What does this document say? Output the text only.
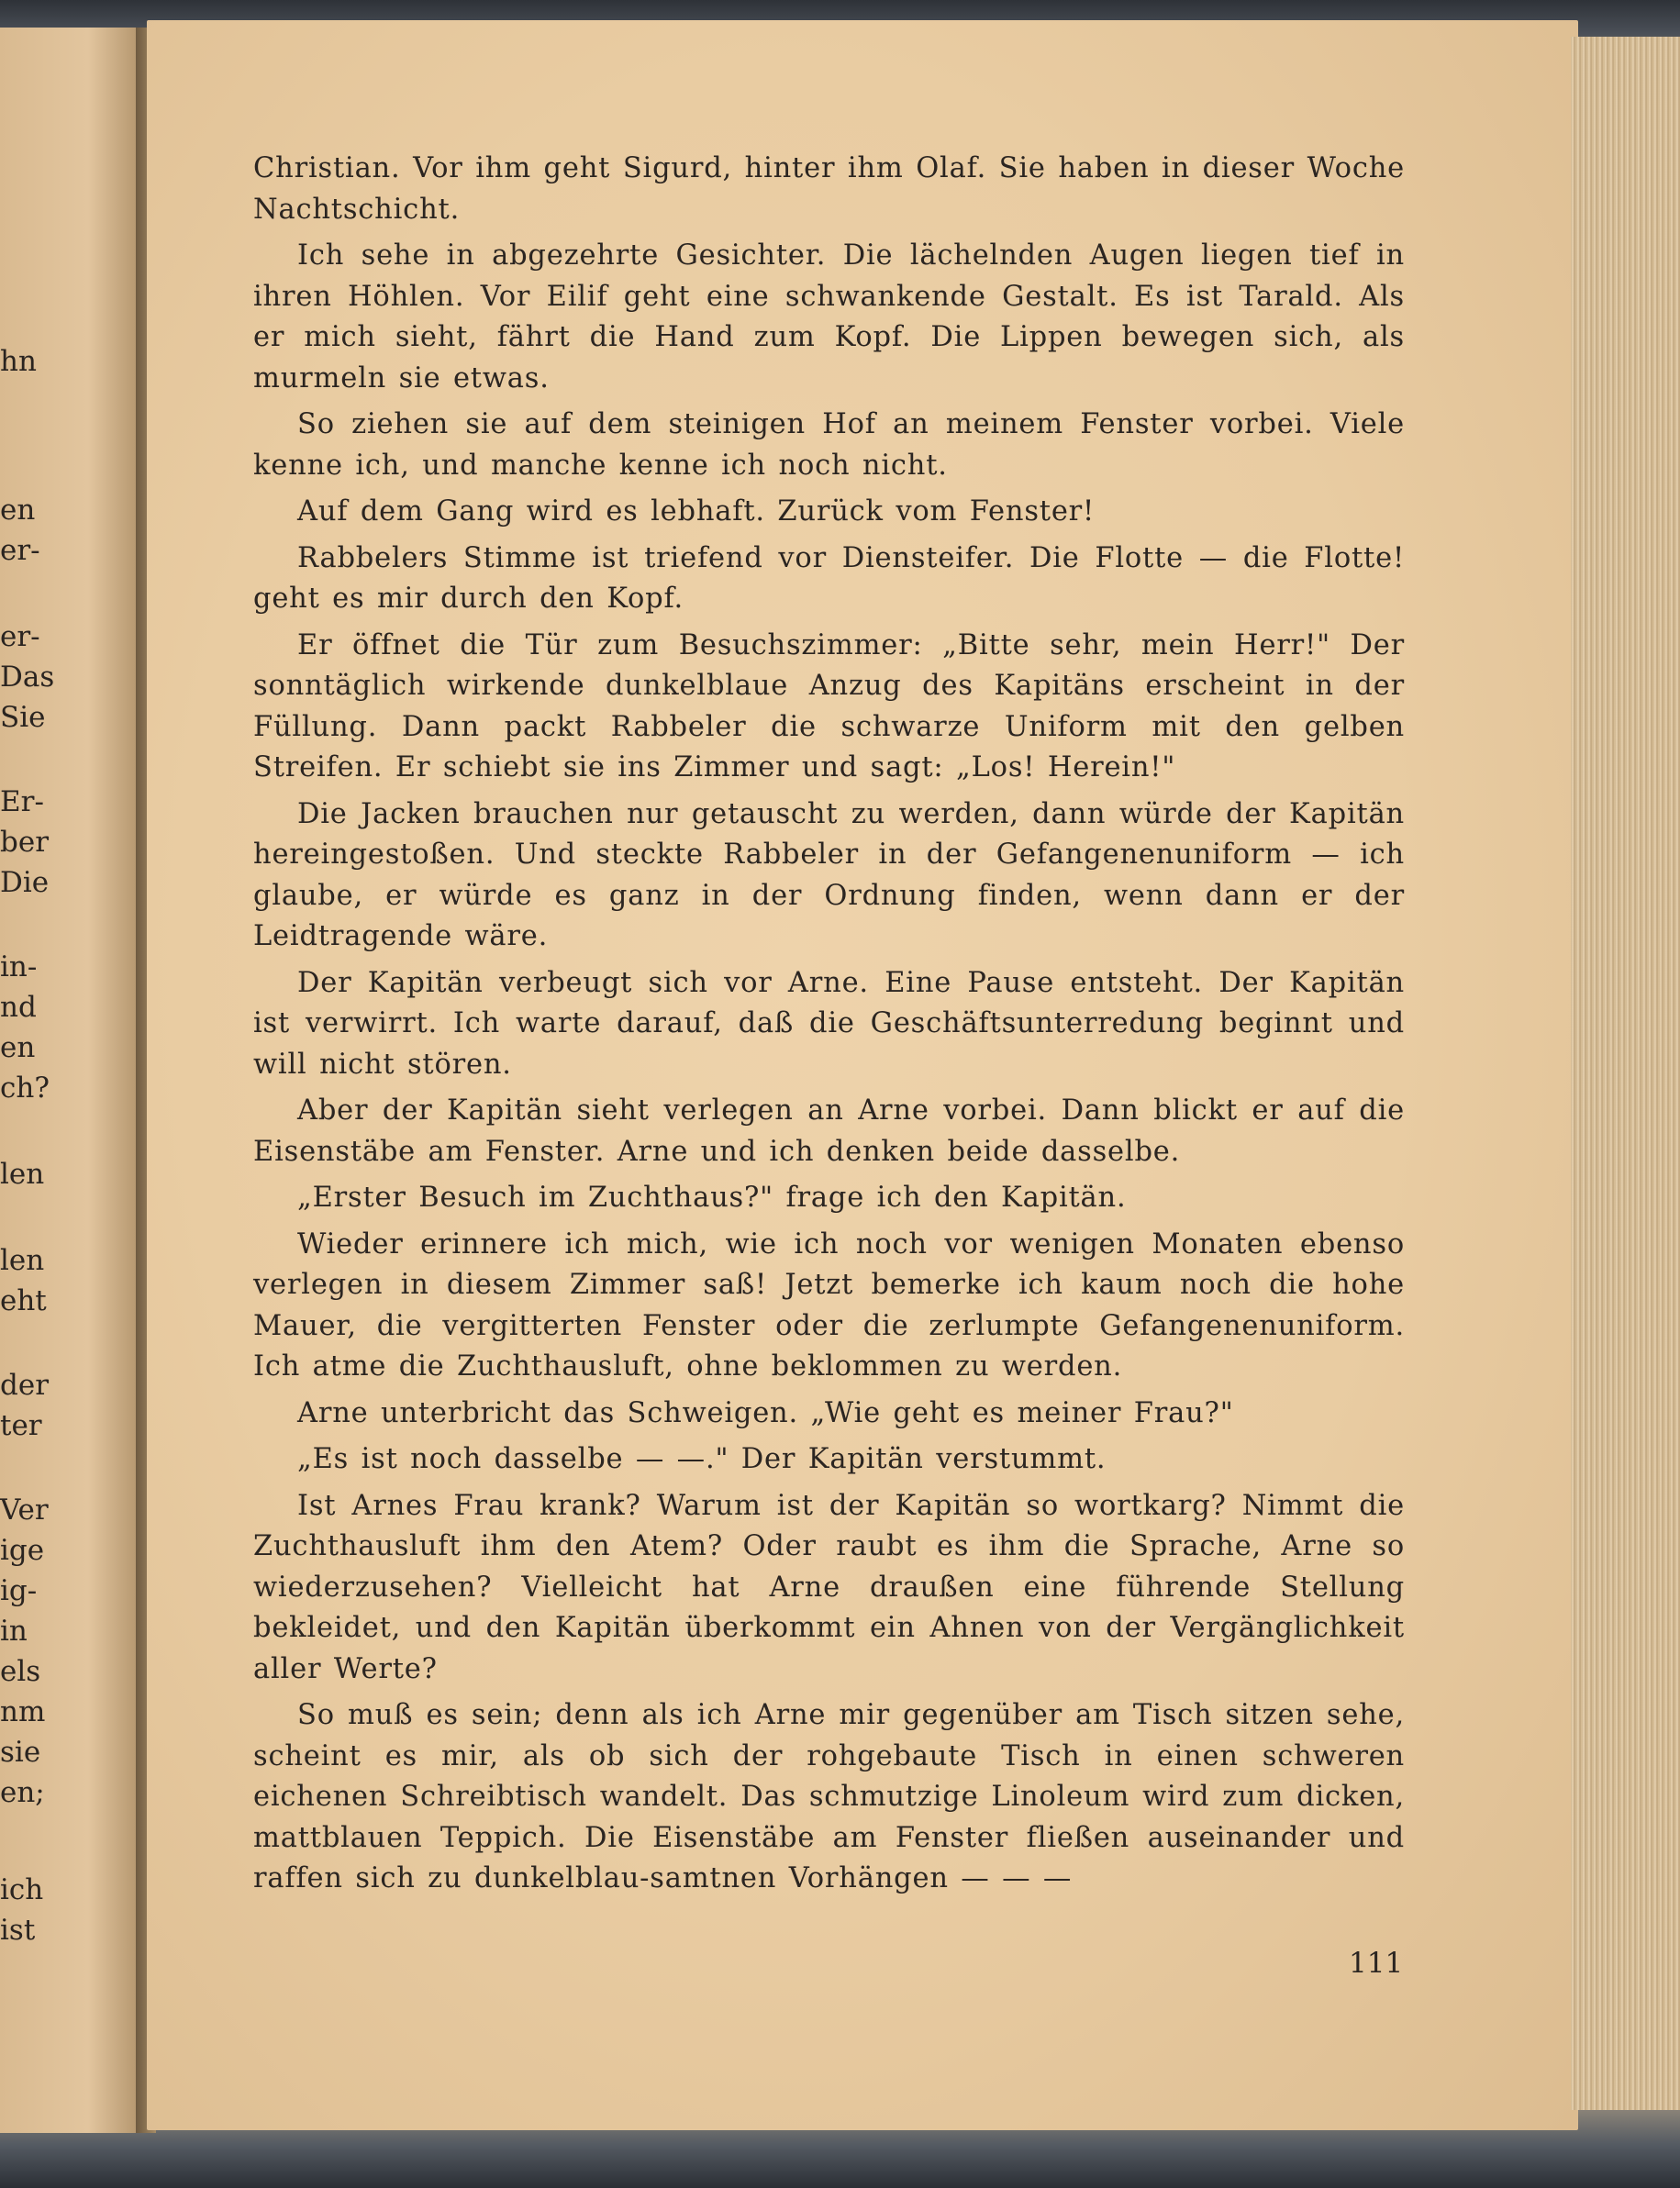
hn
en
er-
er-
Das
Sie
Er-
ber
Die
in-
nd
en
ch?
len
len
eht
der
ter
Ver
ige
ig-
in
els
nm
sie
en;
ich
ist

Christian. Vor ihm geht Sigurd, hinter ihm Olaf. Sie haben in dieser Woche Nachtschicht.

Ich sehe in abgezehrte Gesichter. Die lächelnden Augen liegen tief in ihren Höhlen. Vor Eilif geht eine schwankende Gestalt. Es ist Tarald. Als er mich sieht, fährt die Hand zum Kopf. Die Lippen bewegen sich, als murmeln sie etwas.

So ziehen sie auf dem steinigen Hof an meinem Fenster vorbei. Viele kenne ich, und manche kenne ich noch nicht.

Auf dem Gang wird es lebhaft. Zurück vom Fenster!

Rabbelers Stimme ist triefend vor Diensteifer. Die Flotte — die Flotte! geht es mir durch den Kopf.

Er öffnet die Tür zum Besuchszimmer: „Bitte sehr, mein Herr!" Der sonntäglich wirkende dunkelblaue Anzug des Kapitäns erscheint in der Füllung. Dann packt Rabbeler die schwarze Uniform mit den gelben Streifen. Er schiebt sie ins Zimmer und sagt: „Los! Herein!"

Die Jacken brauchen nur getauscht zu werden, dann würde der Kapitän hereingestoßen. Und steckte Rabbeler in der Gefangenenuniform — ich glaube, er würde es ganz in der Ordnung finden, wenn dann er der Leidtragende wäre.

Der Kapitän verbeugt sich vor Arne. Eine Pause entsteht. Der Kapitän ist verwirrt. Ich warte darauf, daß die Geschäftsunterredung beginnt und will nicht stören.

Aber der Kapitän sieht verlegen an Arne vorbei. Dann blickt er auf die Eisenstäbe am Fenster. Arne und ich denken beide dasselbe.

„Erster Besuch im Zuchthaus?" frage ich den Kapitän.

Wieder erinnere ich mich, wie ich noch vor wenigen Monaten ebenso verlegen in diesem Zimmer saß! Jetzt bemerke ich kaum noch die hohe Mauer, die vergitterten Fenster oder die zerlumpte Gefangenenuniform. Ich atme die Zuchthausluft, ohne beklommen zu werden.

Arne unterbricht das Schweigen. „Wie geht es meiner Frau?"

„Es ist noch dasselbe — —." Der Kapitän verstummt.

Ist Arnes Frau krank? Warum ist der Kapitän so wortkarg? Nimmt die Zuchthausluft ihm den Atem? Oder raubt es ihm die Sprache, Arne so wiederzusehen? Vielleicht hat Arne draußen eine führende Stellung bekleidet, und den Kapitän überkommt ein Ahnen von der Vergänglichkeit aller Werte?

So muß es sein; denn als ich Arne mir gegenüber am Tisch sitzen sehe, scheint es mir, als ob sich der rohgebaute Tisch in einen schweren eichenen Schreibtisch wandelt. Das schmutzige Linoleum wird zum dicken, mattblauen Teppich. Die Eisenstäbe am Fenster fließen auseinander und raffen sich zu dunkelblau-samtnen Vorhängen — — —

111
